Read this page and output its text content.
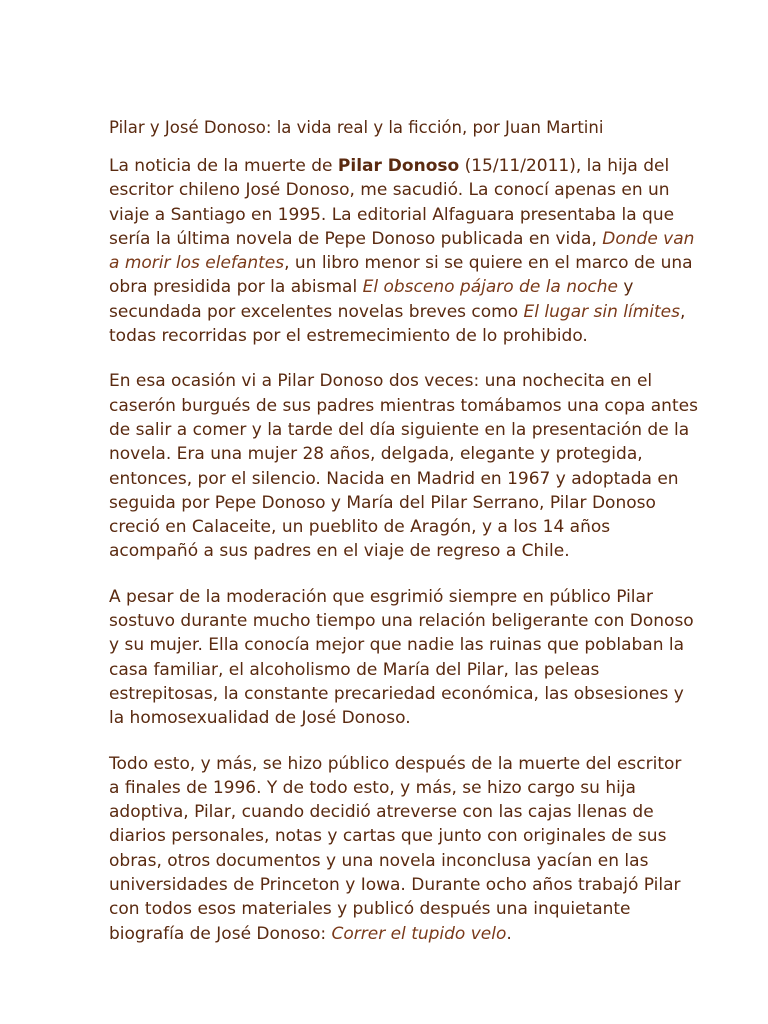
Pilar y José Donoso: la vida real y la ficción, por Juan Martini

La noticia de la muerte de Pilar Donoso (15/11/2011), la hija del
escritor chileno José Donoso, me sacudió. La conocí apenas en un
viaje a Santiago en 1995. La editorial Alfaguara presentaba la que
sería la última novela de Pepe Donoso publicada en vida, Donde van
a morir los elefantes, un libro menor si se quiere en el marco de una
obra presidida por la abismal El obsceno pájaro de la noche y
secundada por excelentes novelas breves como El lugar sin límites,
todas recorridas por el estremecimiento de lo prohibido.

En esa ocasión vi a Pilar Donoso dos veces: una nochecita en el
caserón burgués de sus padres mientras tomábamos una copa antes
de salir a comer y la tarde del día siguiente en la presentación de la
novela. Era una mujer 28 años, delgada, elegante y protegida,
entonces, por el silencio. Nacida en Madrid en 1967 y adoptada en
seguida por Pepe Donoso y María del Pilar Serrano, Pilar Donoso
creció en Calaceite, un pueblito de Aragón, y a los 14 años
acompañó a sus padres en el viaje de regreso a Chile.

A pesar de la moderación que esgrimió siempre en público Pilar
sostuvo durante mucho tiempo una relación beligerante con Donoso
y su mujer. Ella conocía mejor que nadie las ruinas que poblaban la
casa familiar, el alcoholismo de María del Pilar, las peleas
estrepitosas, la constante precariedad económica, las obsesiones y
la homosexualidad de José Donoso.

Todo esto, y más, se hizo público después de la muerte del escritor
a finales de 1996. Y de todo esto, y más, se hizo cargo su hija
adoptiva, Pilar, cuando decidió atreverse con las cajas llenas de
diarios personales, notas y cartas que junto con originales de sus
obras, otros documentos y una novela inconclusa yacían en las
universidades de Princeton y Iowa. Durante ocho años trabajó Pilar
con todos esos materiales y publicó después una inquietante
biografía de José Donoso: Correr el tupido velo.
